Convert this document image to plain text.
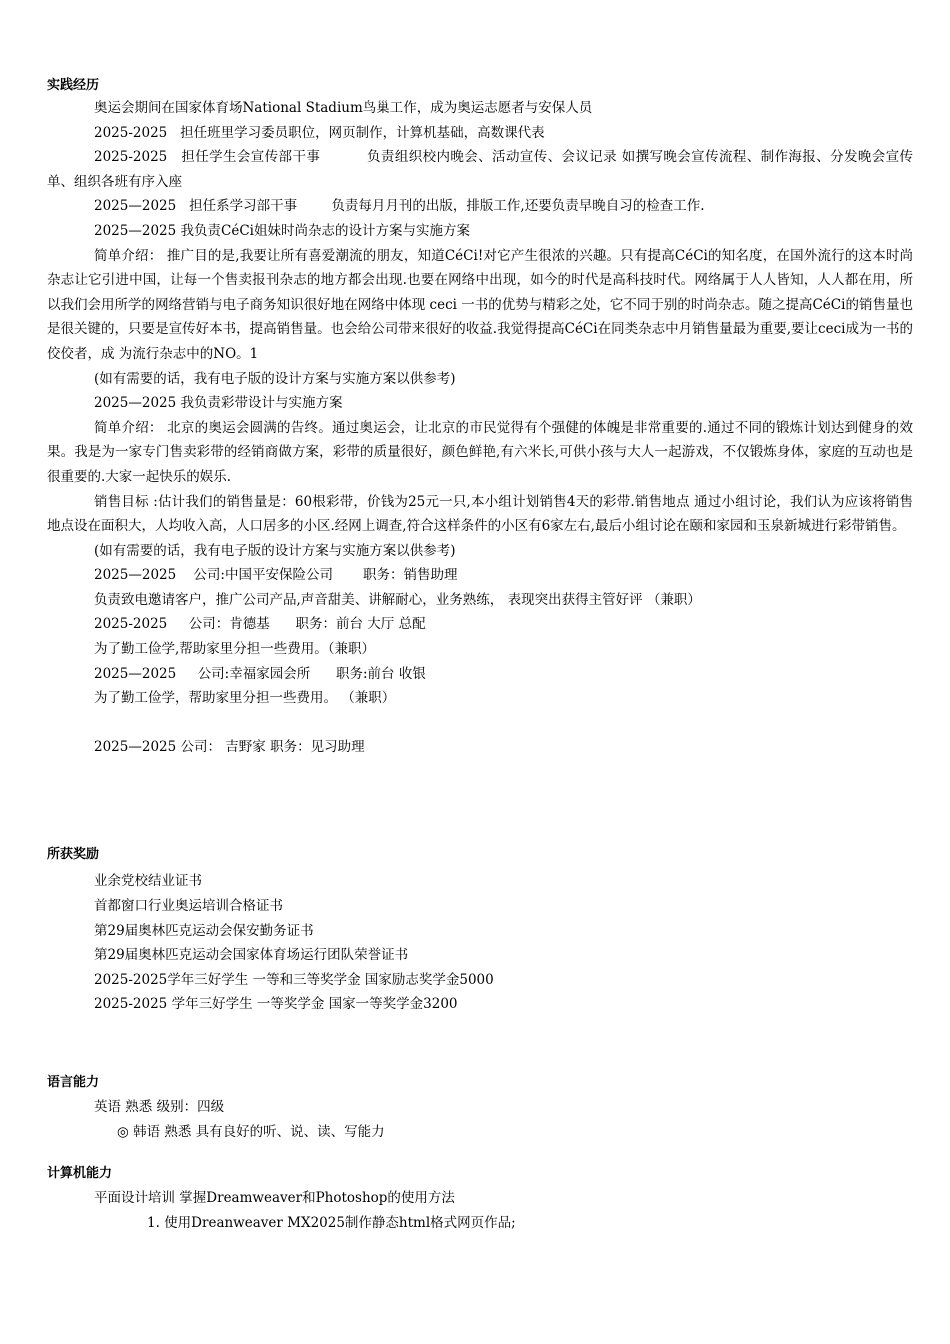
实践经历
奥运会期间在国家体育场National Stadium鸟巢工作，成为奥运志愿者与安保人员
2025-2025 担任班里学习委员职位，网页制作，计算机基础，高数课代表
2025-2025 担任学生会宣传部干事	负责组织校内晚会、活动宣传、会议记录 如撰写晚会宣传流程、制作海报、分发晚会宣传单、组织各班有序入座
2025—2025 担任系学习部干事	负责每月月刊的出版，排版工作,还要负责早晚自习的检查工作.
2025—2025 我负责CéCi姐妹时尚杂志的设计方案与实施方案
简单介绍： 推广目的是,我要让所有喜爱潮流的朋友，知道CéCi!对它产生很浓的兴趣。只有提高CéCi的知名度，在国外流行的这本时尚杂志让它引进中国，让每一个售卖报刊杂志的地方都会出现.也要在网络中出现，如今的时代是高科技时代。网络属于人人皆知，人人都在用，所以我们会用所学的网络营销与电子商务知识很好地在网络中体现 ceci 一书的优势与精彩之处，它不同于别的时尚杂志。随之提高CéCi的销售量也是很关键的，只要是宣传好本书，提高销售量。也会给公司带来很好的收益.我觉得提高CéCi在同类杂志中月销售量最为重要,要让ceci成为一书的佼佼者，成 为流行杂志中的NO。1
(如有需要的话，我有电子版的设计方案与实施方案以供参考)
2025—2025 我负责彩带设计与实施方案
简单介绍： 北京的奥运会圆满的告终。通过奥运会，让北京的市民觉得有个强健的体魄是非常重要的.通过不同的锻炼计划达到健身的效果。我是为一家专门售卖彩带的经销商做方案，彩带的质量很好，颜色鲜艳,有六米长,可供小孩与大人一起游戏，不仅锻炼身体，家庭的互动也是很重要的.大家一起快乐的娱乐.
销售目标 :估计我们的销售量是：60根彩带，价钱为25元一只,本小组计划销售4天的彩带.销售地点 通过小组讨论，我们认为应该将销售地点设在面积大，人均收入高，人口居多的小区.经网上调查,符合这样条件的小区有6家左右,最后小组讨论在颐和家园和玉泉新城进行彩带销售。
(如有需要的话，我有电子版的设计方案与实施方案以供参考)
2025—2025 公司:中国平安保险公司 职务：销售助理
负责致电邀请客户，推广公司产品,声音甜美、讲解耐心，业务熟练， 表现突出获得主管好评 （兼职）
2025-2025 公司：肯德基 职务：前台 大厅 总配
为了勤工俭学,帮助家里分担一些费用。（兼职）
2025—2025 公司:幸福家园会所 职务:前台 收银
为了勤工俭学，帮助家里分担一些费用。 （兼职）
2025—2025 公司： 吉野家 职务：见习助理
所获奖励
业余党校结业证书
首都窗口行业奥运培训合格证书
第29届奥林匹克运动会保安勤务证书
第29届奥林匹克运动会国家体育场运行团队荣誉证书
2025-2025学年三好学生 一等和三等奖学金 国家励志奖学金5000
2025-2025 学年三好学生 一等奖学金 国家一等奖学金3200
语言能力
英语 熟悉 级别：四级
◎ 韩语 熟悉 具有良好的听、说、读、写能力
计算机能力
平面设计培训 掌握Dreamweaver和Photoshop的使用方法
1. 使用Dreanweaver MX2025制作静态html格式网页作品;
